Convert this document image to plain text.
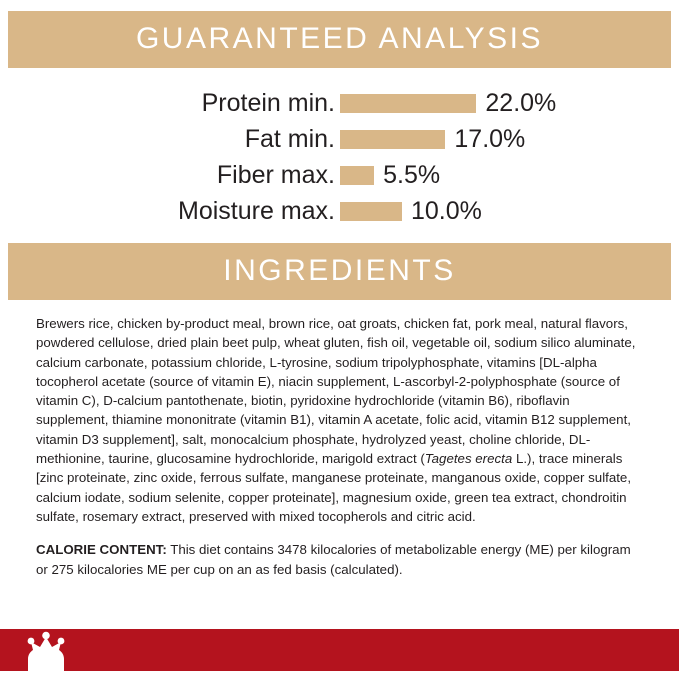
GUARANTEED ANALYSIS
Protein min.	22.0%
Fat min.	17.0%
Fiber max. 5.5%
Moisture max.	10.0%
INGREDIENTS
Brewers rice, chicken by-product meal, brown rice, oat groats, chicken fat, pork meal, natural flavors, powdered cellulose, dried plain beet pulp, wheat gluten, fish oil, vegetable oil, sodium silico aluminate, calcium carbonate, potassium chloride, L-tyrosine, sodium tripolyphosphate, vitamins [DL-alpha tocopherol acetate (source of vitamin E), niacin supplement, L-ascorbyl-2-polyphosphate (source of vitamin C), D-calcium pantothenate, biotin, pyridoxine hydrochloride (vitamin B6), riboflavin supplement, thiamine mononitrate (vitamin B1), vitamin A acetate, folic acid, vitamin B12 supplement, vitamin D3 supplement], salt, monocalcium phosphate, hydrolyzed yeast, choline chloride, DL-methionine, taurine, glucosamine hydrochloride, marigold extract (Tagetes erecta L.), trace minerals [zinc proteinate, zinc oxide, ferrous sulfate, manganese proteinate, manganous oxide, copper sulfate, calcium iodate, sodium selenite, copper proteinate], magnesium oxide, green tea extract, chondroitin sulfate, rosemary extract, preserved with mixed tocopherols and citric acid.
CALORIE CONTENT: This diet contains 3478 kilocalories of metabolizable energy (ME) per kilogram or 275 kilocalories ME per cup on an as fed basis (calculated).
